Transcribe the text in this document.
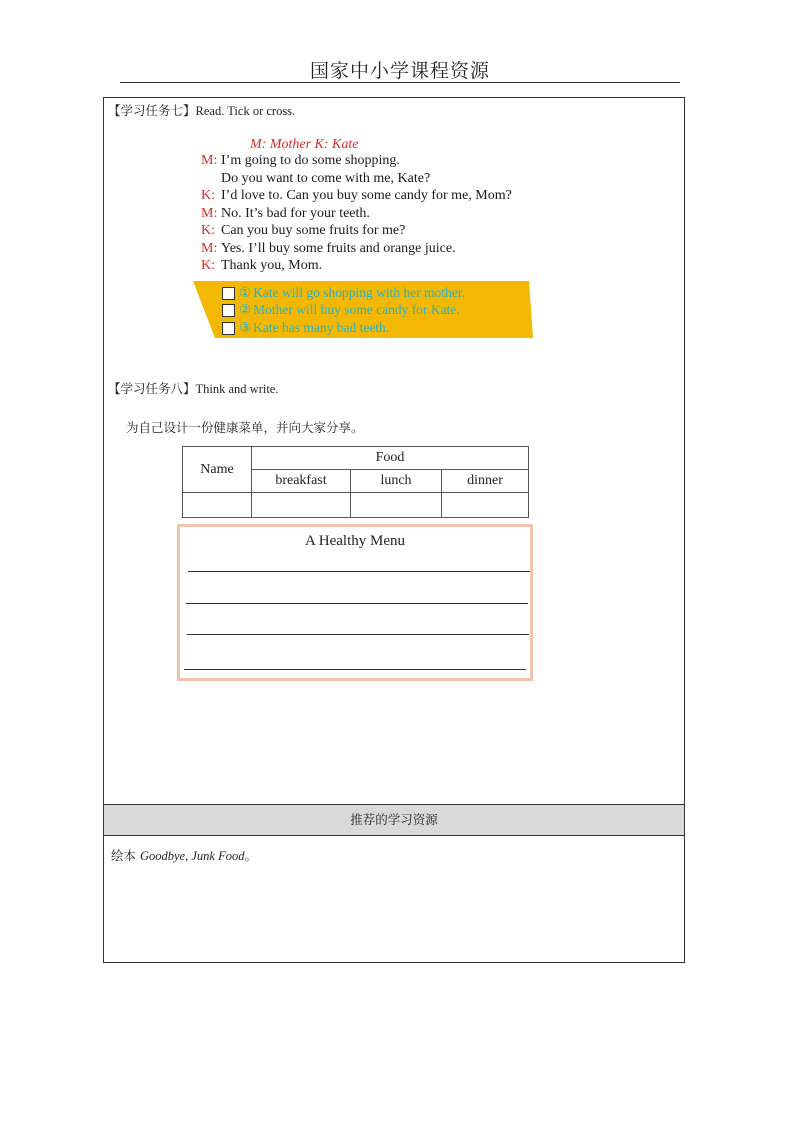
国家中小学课程资源
【学习任务七】Read. Tick or cross.
M: Mother K: Kate
M: I’m going to do some shopping.
Do you want to come with me, Kate?
K: I’d love to. Can you buy some candy for me, Mom?
M: No. It’s bad for your teeth.
K: Can you buy some fruits for me?
M: Yes. I’ll buy some fruits and orange juice.
K: Thank you, Mom.
① Kate will go shopping with her mother.
② Mother will buy some candy for Kate.
③ Kate has many bad teeth.
【学习任务八】Think and write.
为自己设计一份健康菜单，并向大家分享。
Name	Food		
	breakfast	lunch	dinner

A Healthy Menu
推荐的学习资源
绘本 Goodbye, Junk Food。
